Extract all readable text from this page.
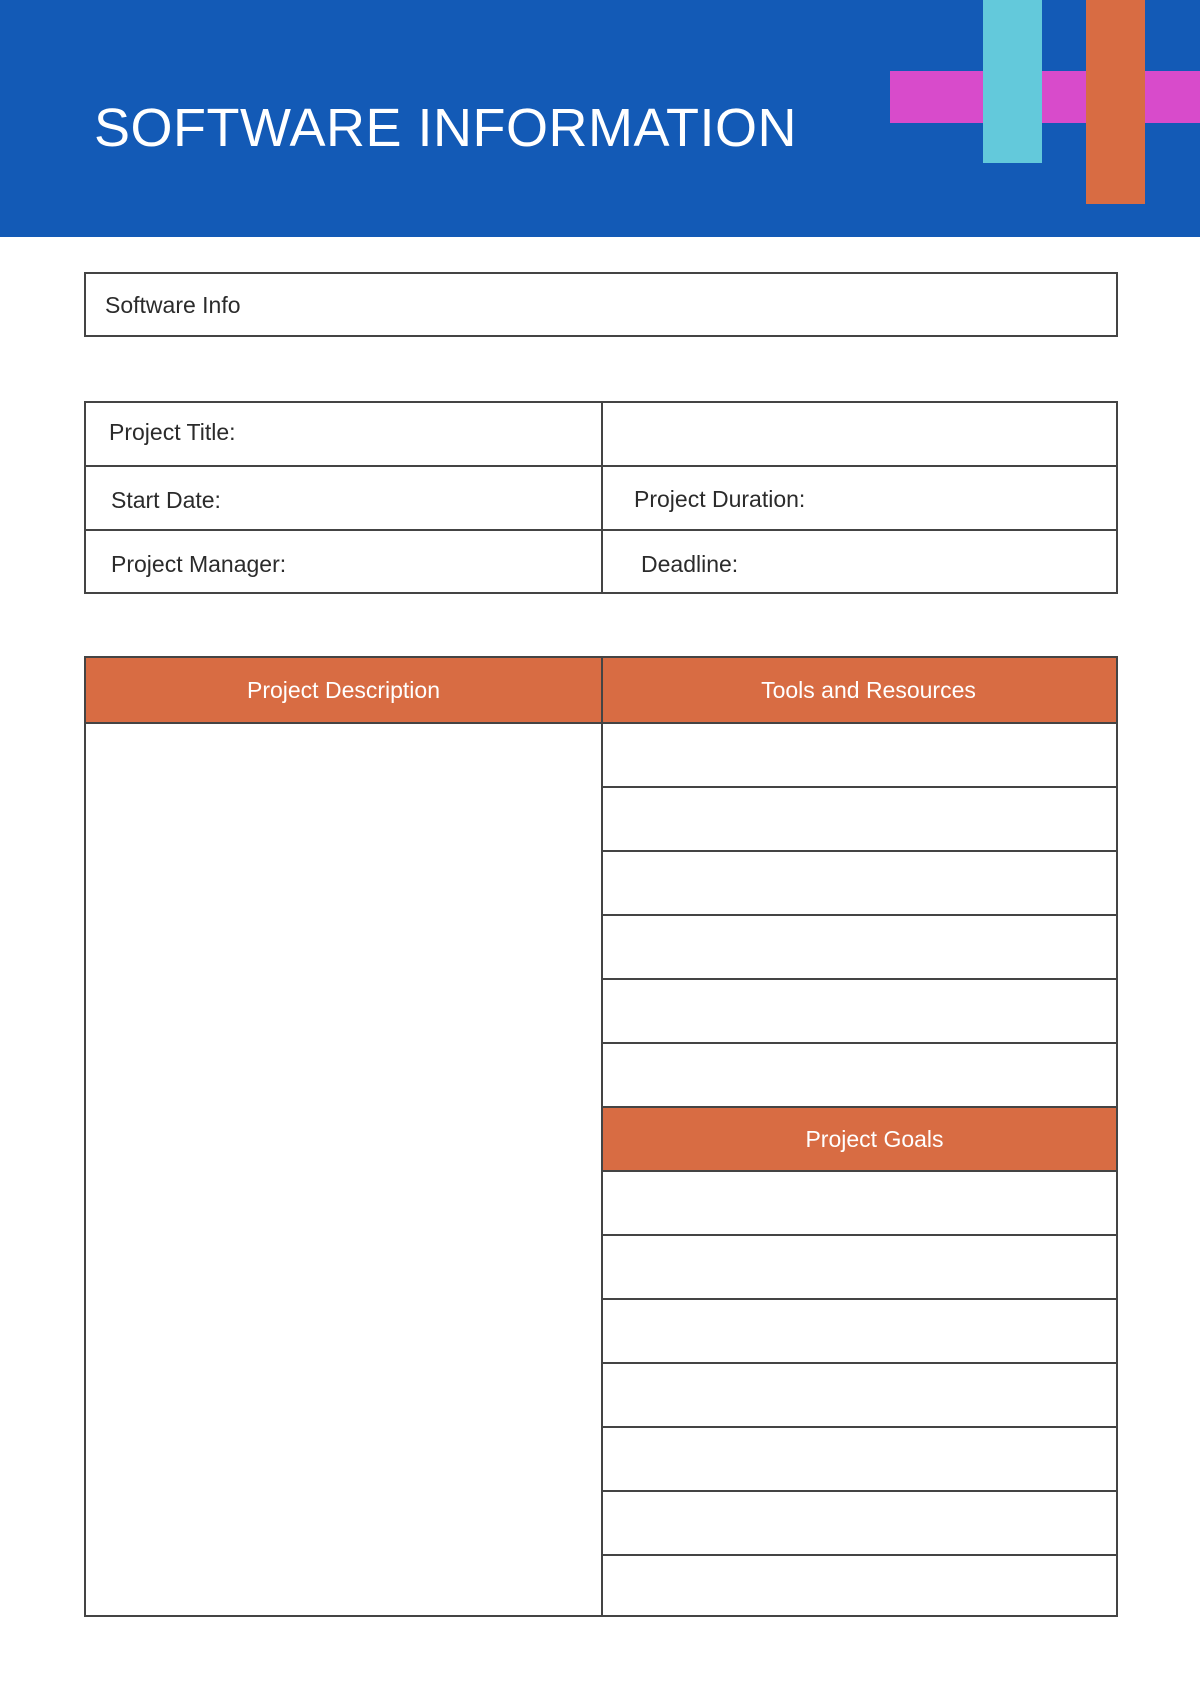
SOFTWARE INFORMATION
Software Info
Project Title:
Start Date:	Project Duration:
Project Manager:	Deadline:
Project Description	Tools and Resources
Project Goals
